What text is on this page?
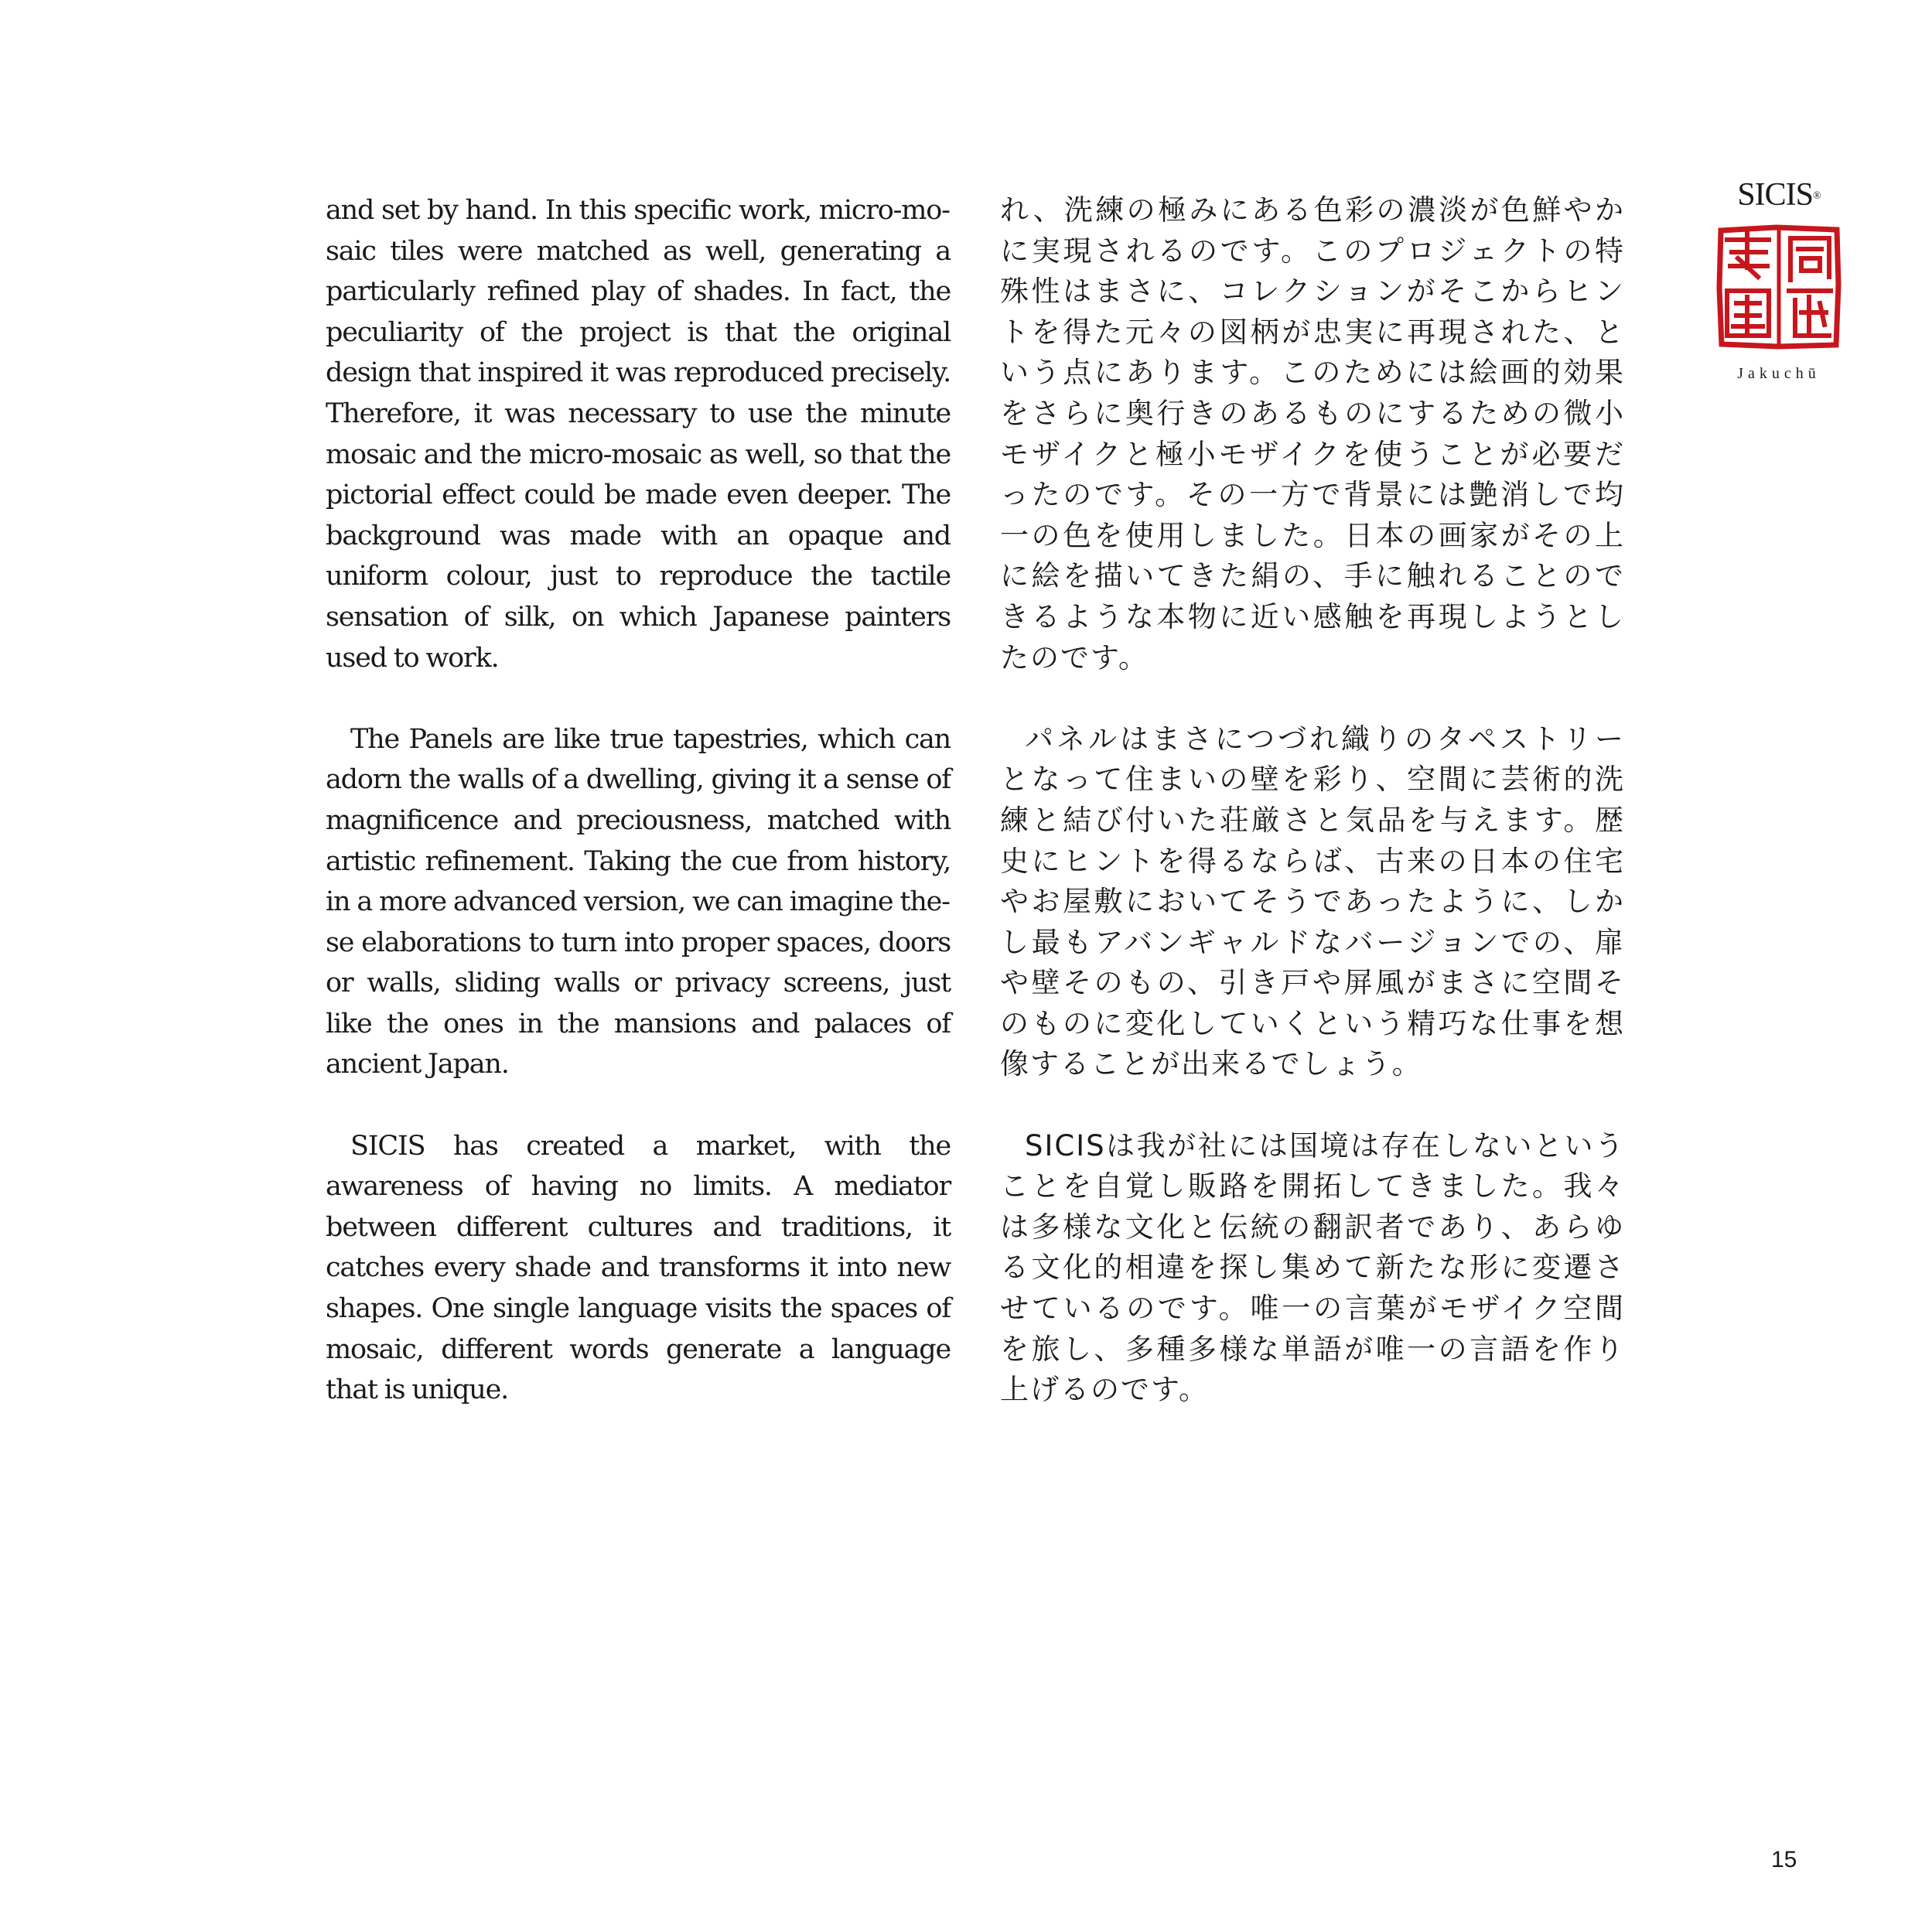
and set by hand. In this specific work, micro-mosaic tiles were matched as well, generating a particularly refined play of shades. In fact, the peculiarity of the project is that the original design that inspired it was reproduced precisely. Therefore, it was necessary to use the minute mosaic and the micro-mosaic as well, so that the pictorial effect could be made even deeper. The background was made with an opaque and uniform colour, just to reproduce the tactile sensation of silk, on which Japanese painters used to work.

The Panels are like true tapestries, which can adorn the walls of a dwelling, giving it a sense of magnificence and preciousness, matched with artistic refinement. Taking the cue from history, in a more advanced version, we can imagine these elaborations to turn into proper spaces, doors or walls, sliding walls or privacy screens, just like the ones in the mansions and palaces of ancient Japan.

SICIS has created a market, with the awareness of having no limits. A mediator between different cultures and traditions, it catches every shade and transforms it into new shapes. One single language visits the spaces of mosaic, different words generate a language that is unique.

れ、洗練の極みにある色彩の濃淡が色鮮やかに実現されるのです。このプロジェクトの特殊性はまさに、コレクションがそこからヒントを得た元々の図柄が忠実に再現された、という点にあります。このためには絵画的効果をさらに奥行きのあるものにするための微小モザイクと極小モザイクを使うことが必要だったのです。その一方で背景には艶消しで均一の色を使用しました。日本の画家がその上に絵を描いてきた絹の、手に触れることのできるような本物に近い感触を再現しようとしたのです。

パネルはまさにつづれ織りのタペストリーとなって住まいの壁を彩り、空間に芸術的洗練と結び付いた荘厳さと気品を与えます。歴史にヒントを得るならば、古来の日本の住宅やお屋敷においてそうであったように、しかし最もアバンギャルドなバージョンでの、扉や壁そのもの、引き戸や屏風がまさに空間そのものに変化していくという精巧な仕事を想像することが出来るでしょう。

SICISは我が社には国境は存在しないということを自覚し販路を開拓してきました。我々は多様な文化と伝統の翻訳者であり、あらゆる文化的相違を探し集めて新たな形に変遷させているのです。唯一の言葉がモザイク空間を旅し、多種多様な単語が唯一の言語を作り上げるのです。

SICIS®
Jakuchū
15
